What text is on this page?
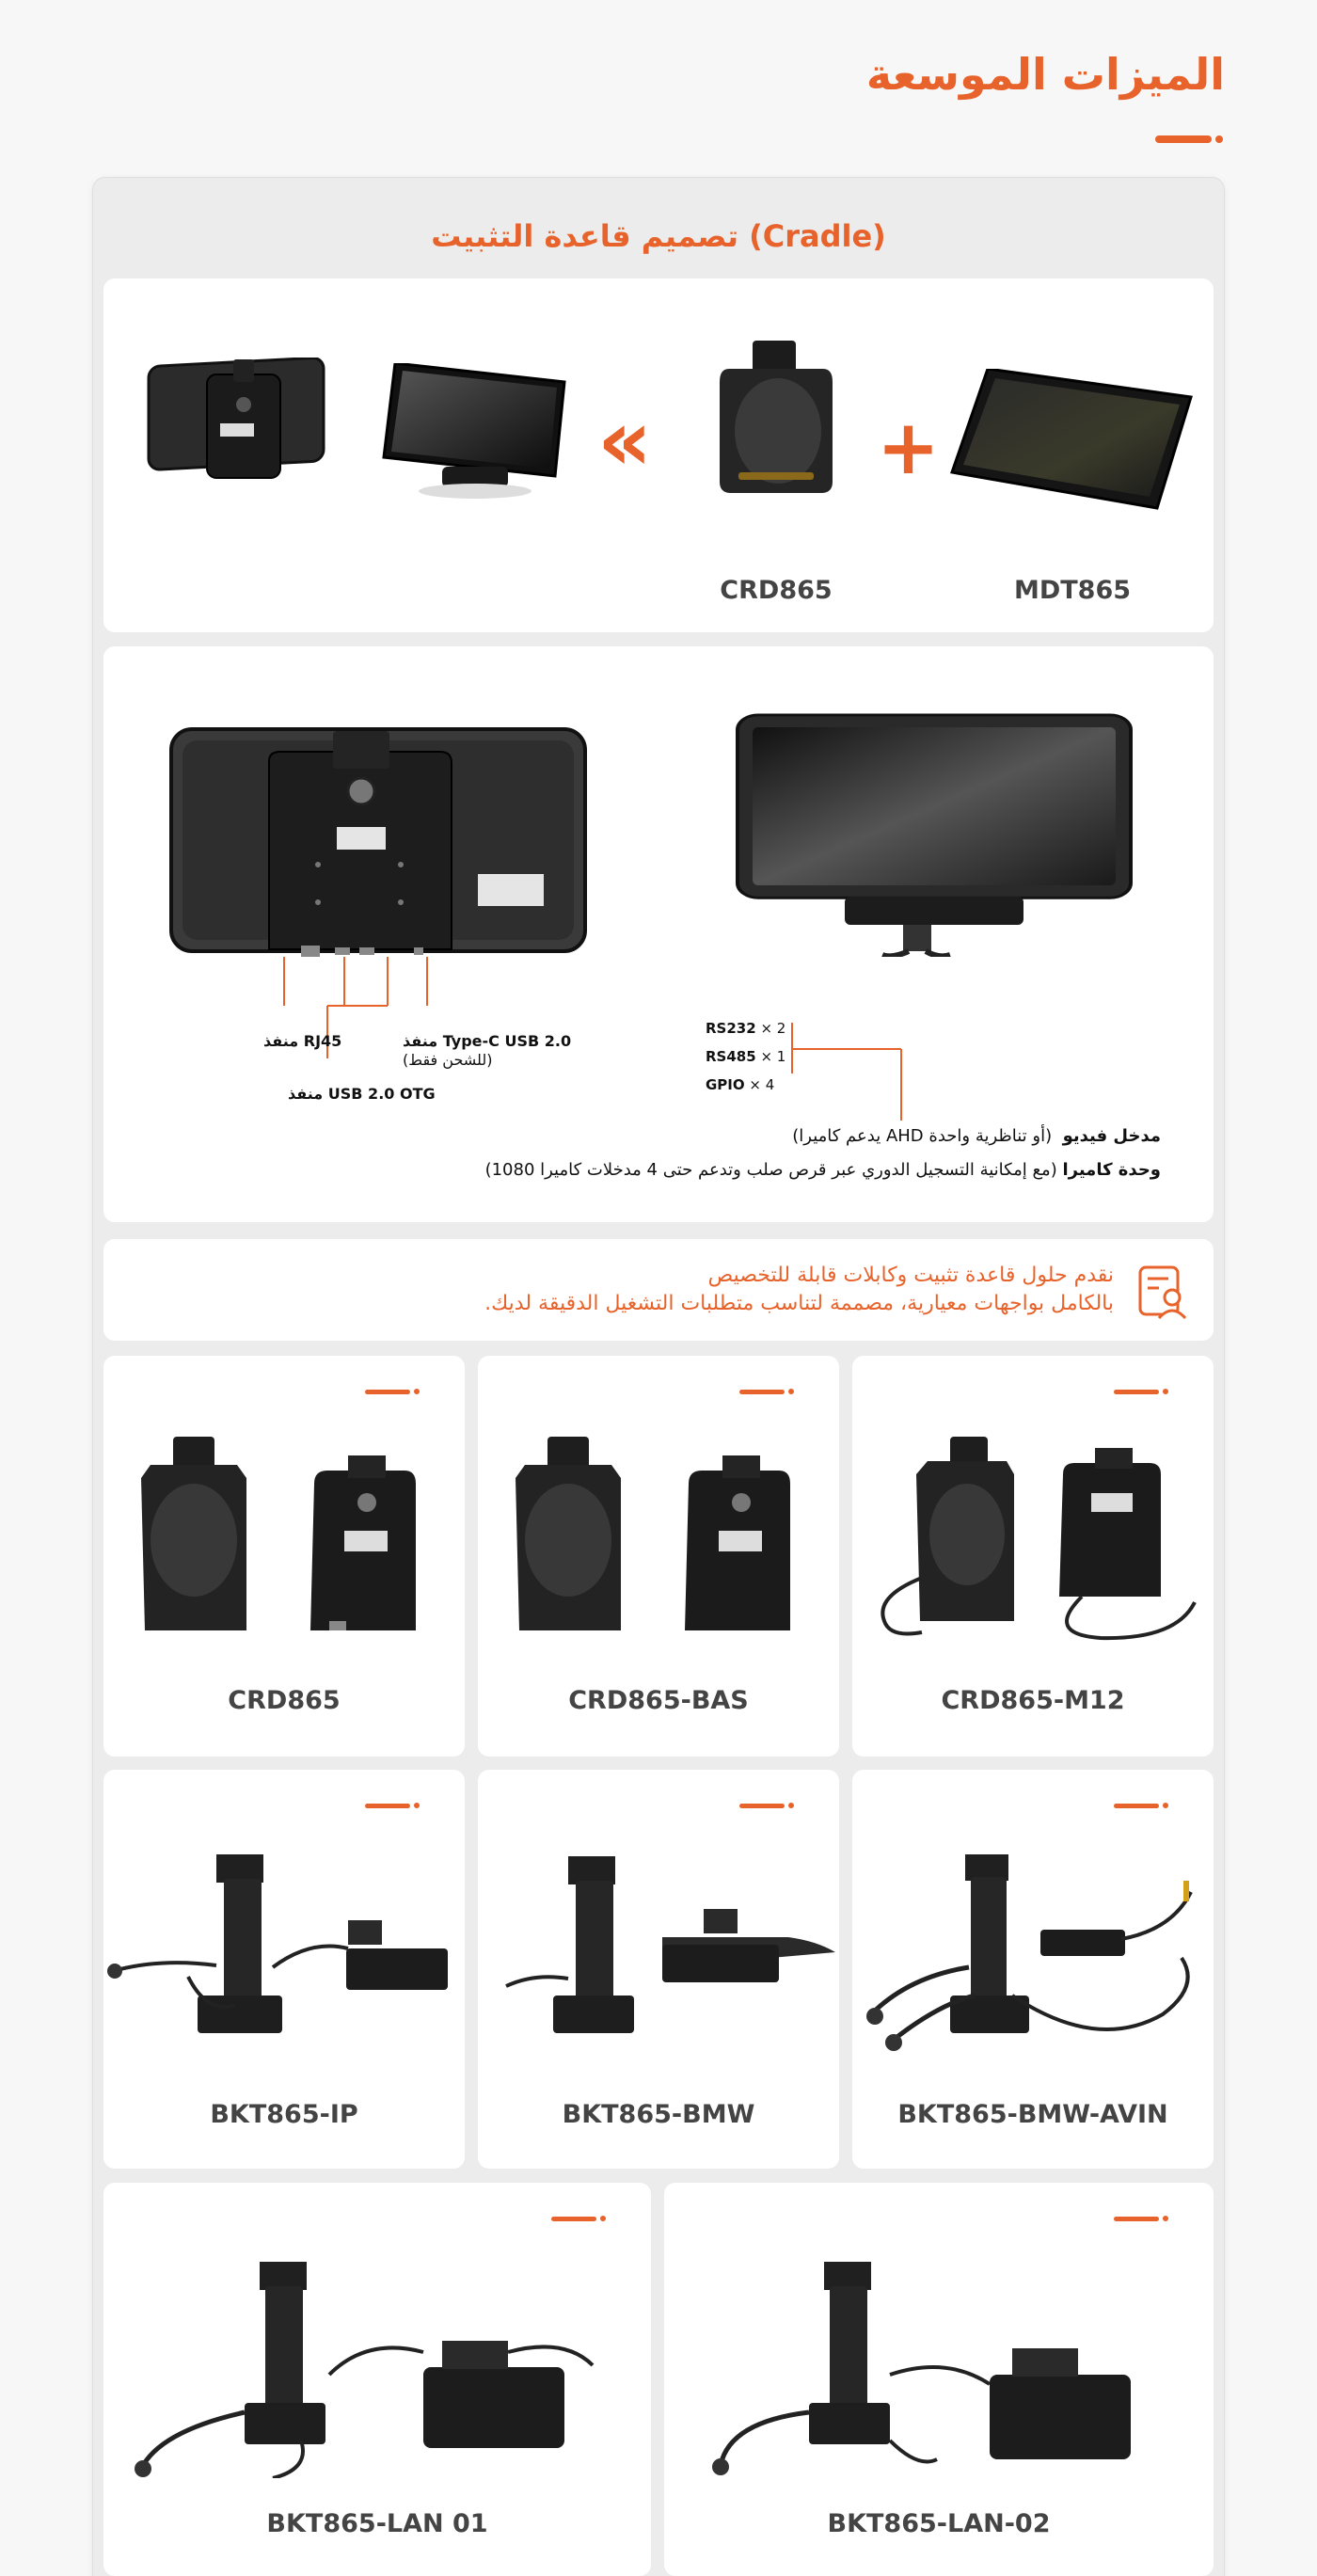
الميزات الموسعة
تصميم قاعدة التثبيت (Cradle)
«
CRD865
+
MDT865
منفذ RJ45	منفذ Type-C USB 2.0
(للشحن فقط)
منفذ USB 2.0 OTG
RS232 × 2
RS485 × 1
GPIO × 4
مدخل فيديو  (أو تناظرية واحدة AHD يدعم كاميرا)
وحدة كاميرا (مع إمكانية التسجيل الدوري عبر قرص صلب وتدعم حتى 4 مدخلات كاميرا 1080)
نقدم حلول قاعدة تثبيت وكابلات قابلة للتخصيص
بالكامل بواجهات معيارية، مصممة لتناسب متطلبات التشغيل الدقيقة لديك.
CRD865	CRD865-BAS	CRD865-M12
BKT865-IP	BKT865-BMW	BKT865-BMW-AVIN
BKT865-LAN 01	BKT865-LAN-02
